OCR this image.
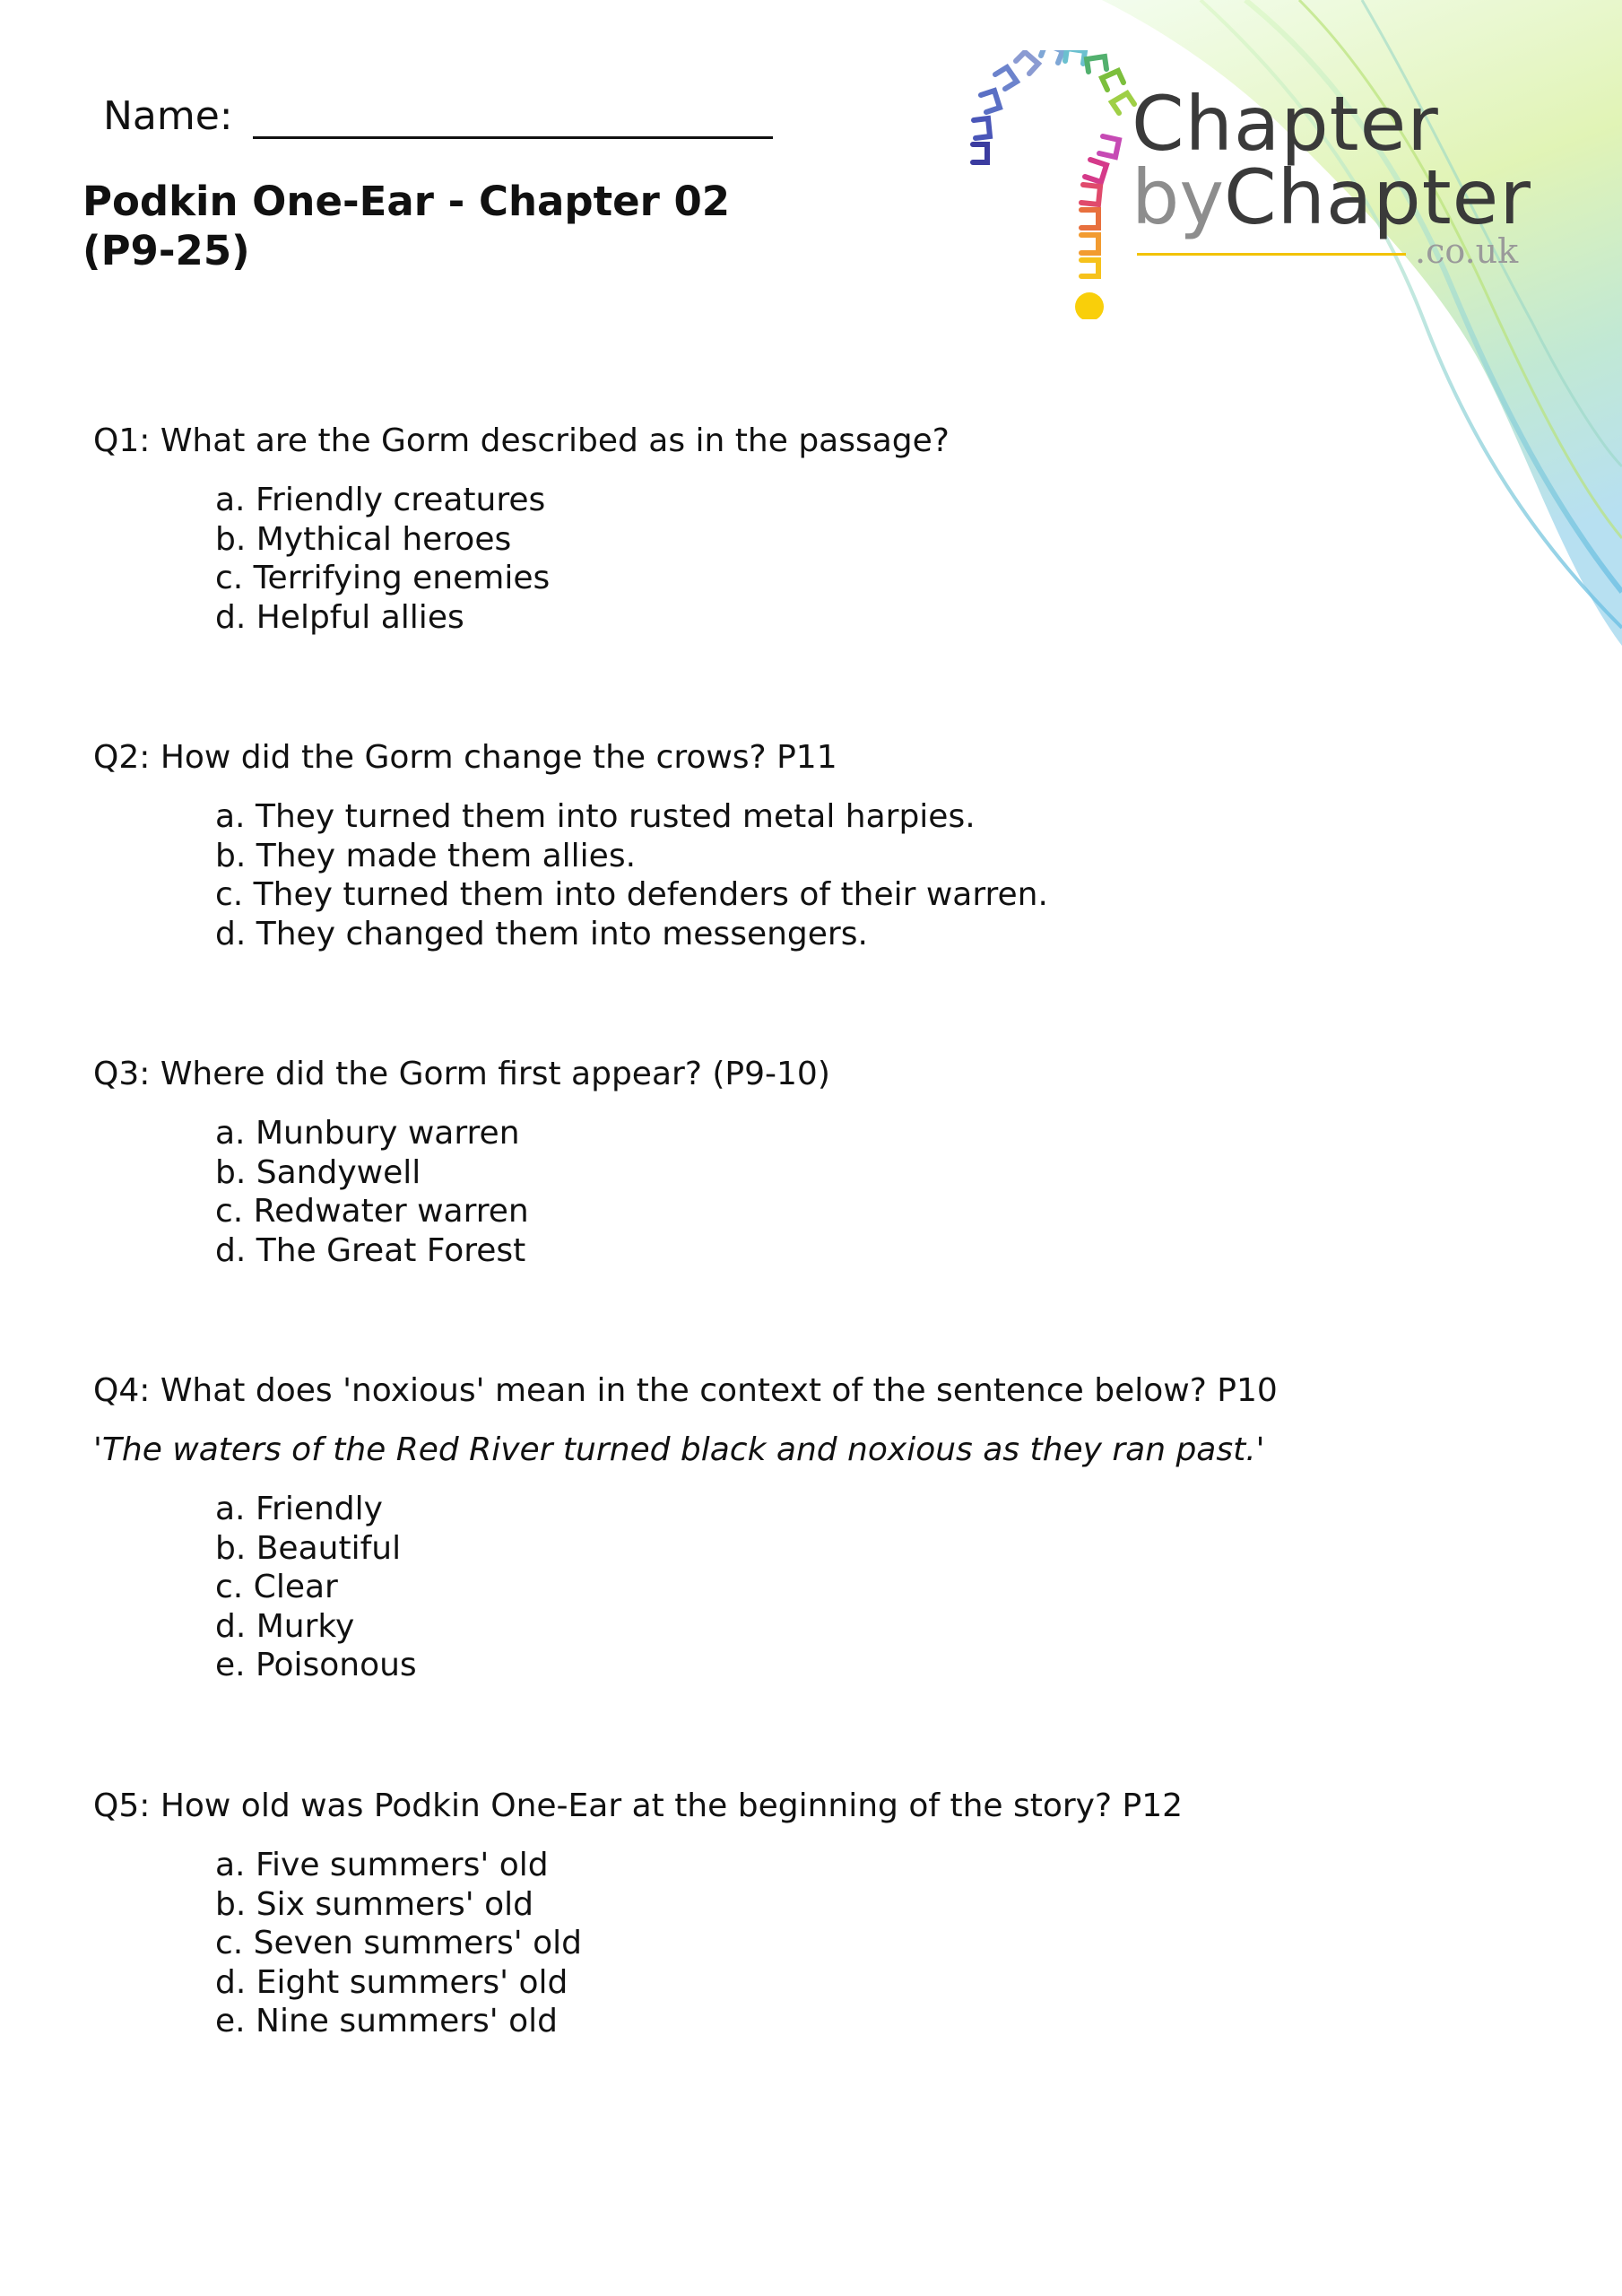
Chapter
byChapter
.co.uk
Name:
Podkin One-Ear - Chapter 02 (P9-25)

Q1: What are the Gorm described as in the passage?

a. Friendly creatures
b. Mythical heroes
c. Terrifying enemies
d. Helpful allies

Q2: How did the Gorm change the crows? P11

a. They turned them into rusted metal harpies.
b. They made them allies.
c. They turned them into defenders of their warren.
d. They changed them into messengers.

Q3: Where did the Gorm first appear? (P9-10)

a. Munbury warren
b. Sandywell
c. Redwater warren
d. The Great Forest

Q4: What does 'noxious' mean in the context of the sentence below? P10

'The waters of the Red River turned black and noxious as they ran past.'

a. Friendly
b. Beautiful
c. Clear
d. Murky
e. Poisonous

Q5: How old was Podkin One-Ear at the beginning of the story? P12

a. Five summers' old
b. Six summers' old
c. Seven summers' old
d. Eight summers' old
e. Nine summers' old
